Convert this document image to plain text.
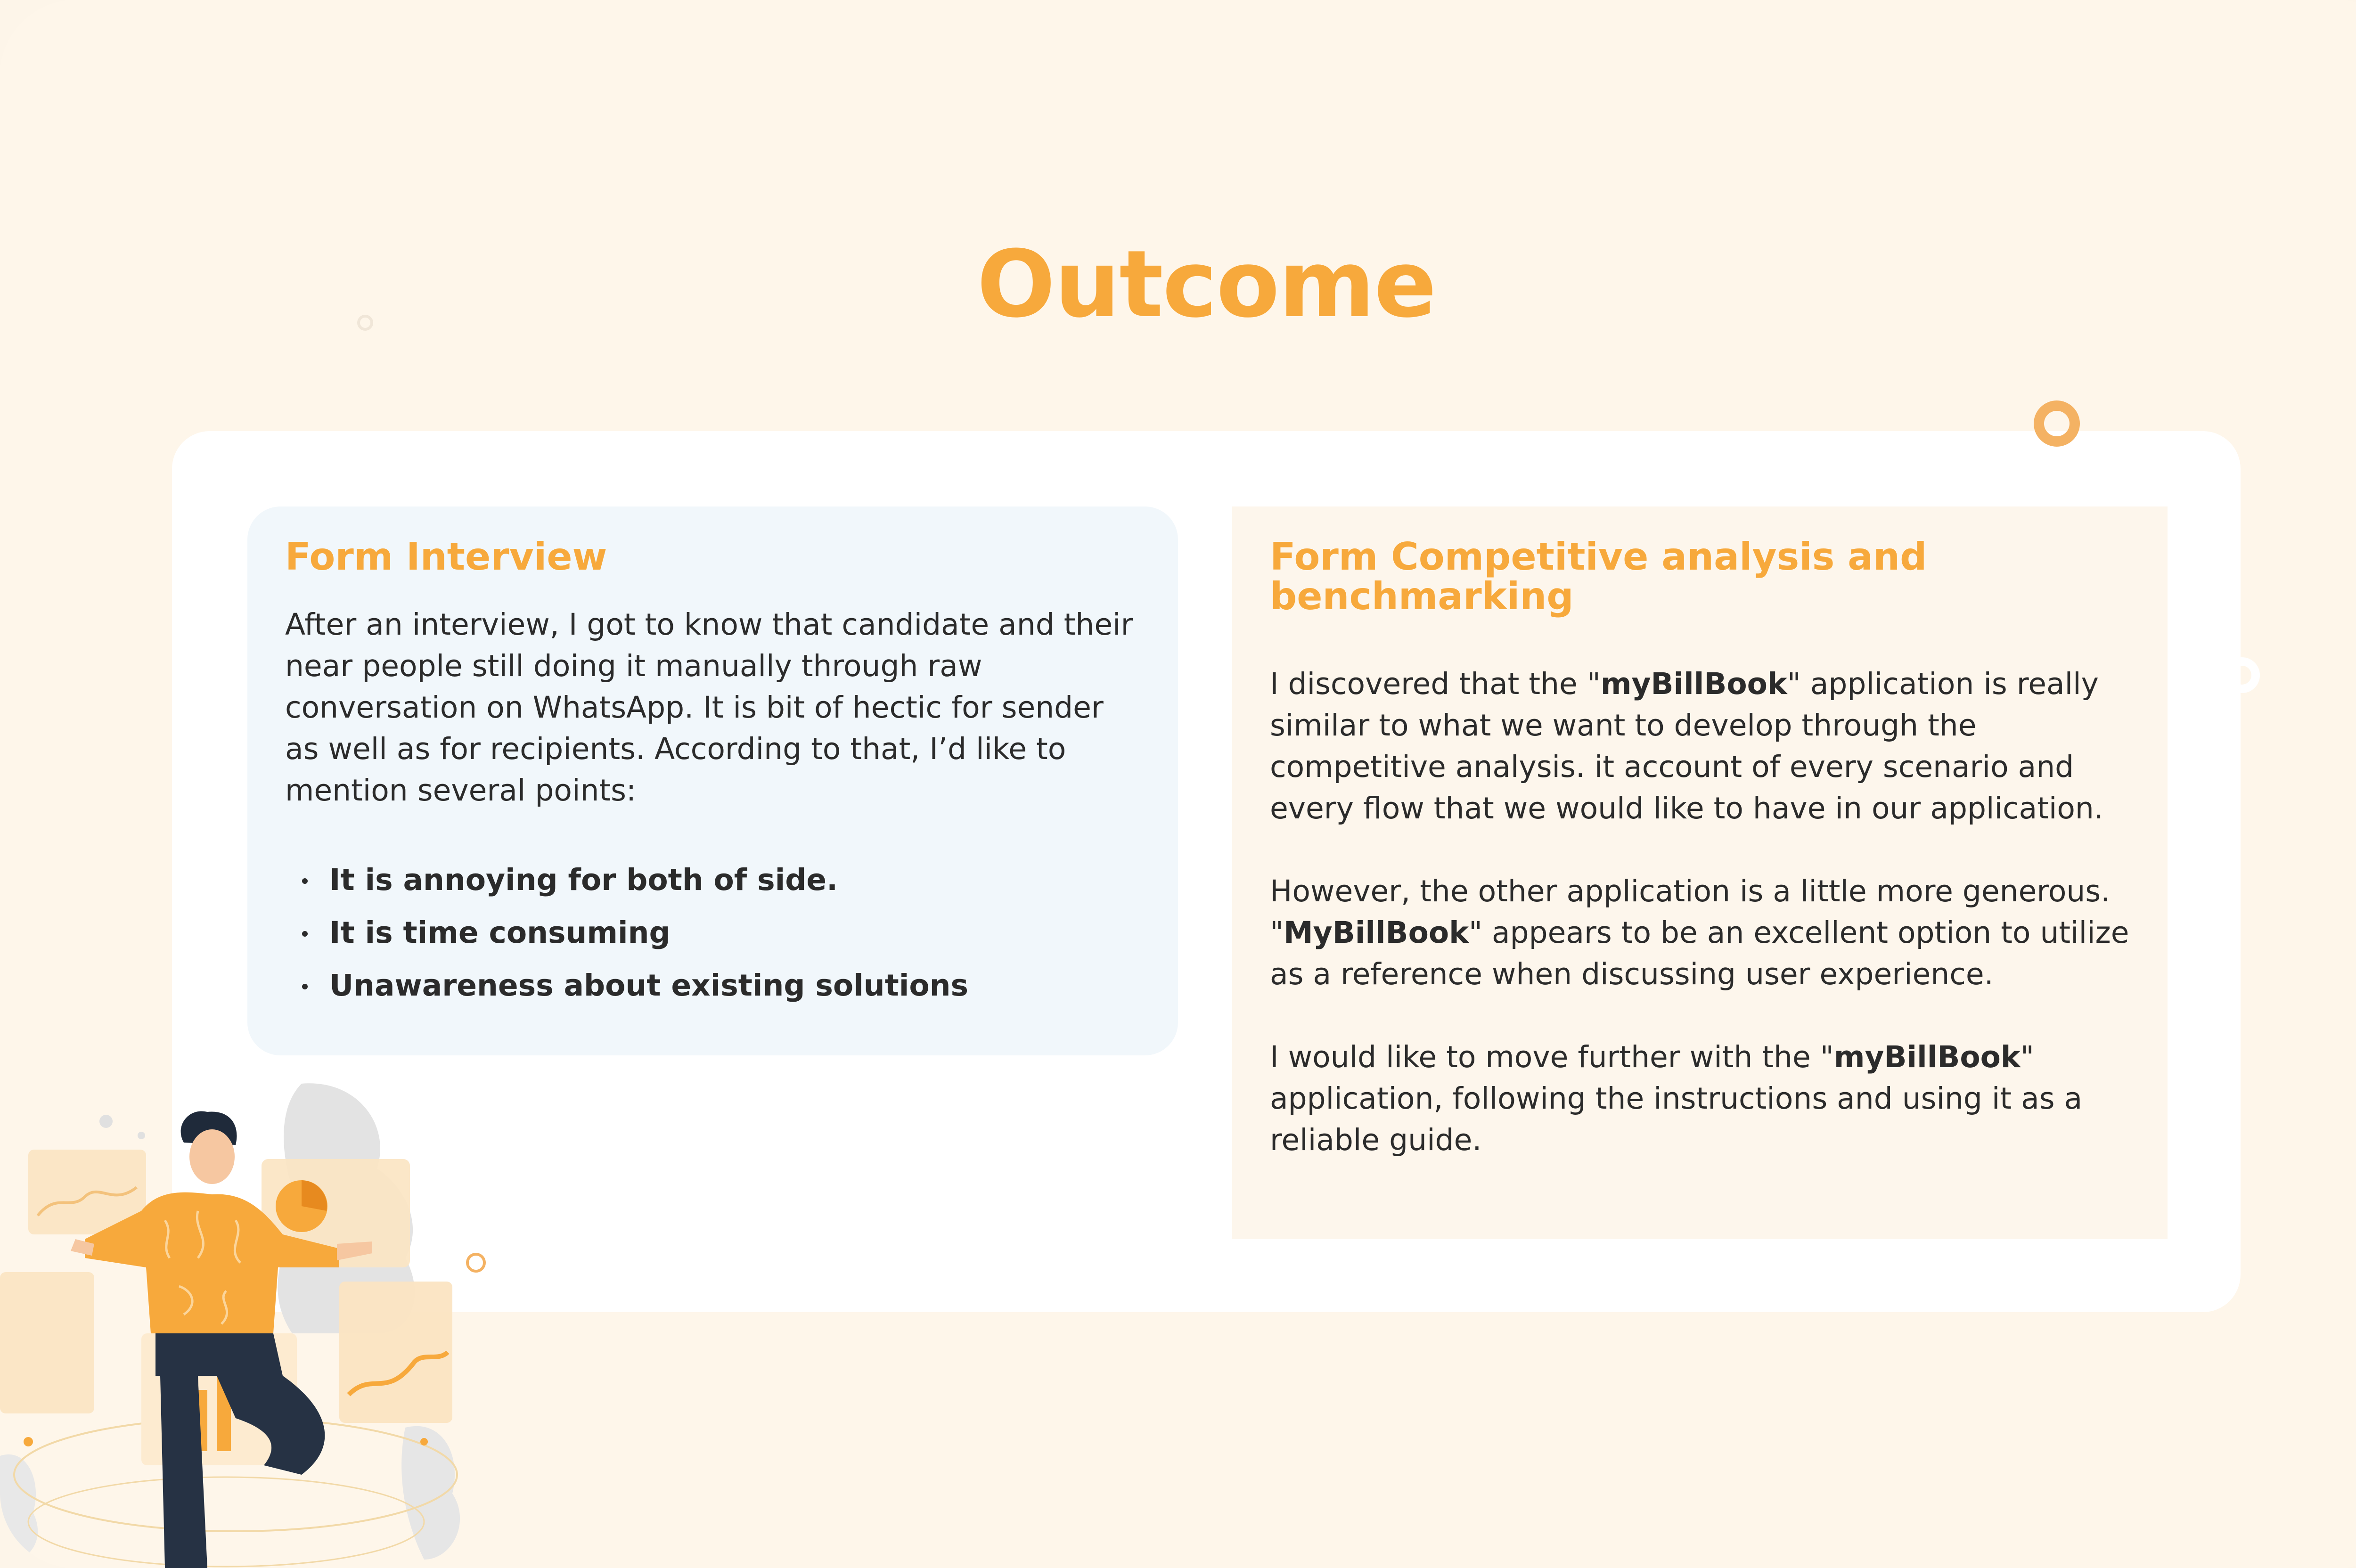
Outcome
Form Interview

After an interview, I got to know that candidate and their near people still doing it manually through raw conversation on WhatsApp. It is bit of hectic for sender as well as for recipients. According to that, I’d like to mention several points:

It is annoying for both of side.
It is time consuming
Unawareness about existing solutions
Form Competitive analysis and benchmarking

I discovered that the "myBillBook" application is really similar to what we want to develop through the competitive analysis. it account of every scenario and every flow that we would like to have in our application.

However, the other application is a little more generous.
"MyBillBook" appears to be an excellent option to utilize as a reference when discussing user experience.

I would like to move further with the "myBillBook" application, following the instructions and using it as a reliable guide.
